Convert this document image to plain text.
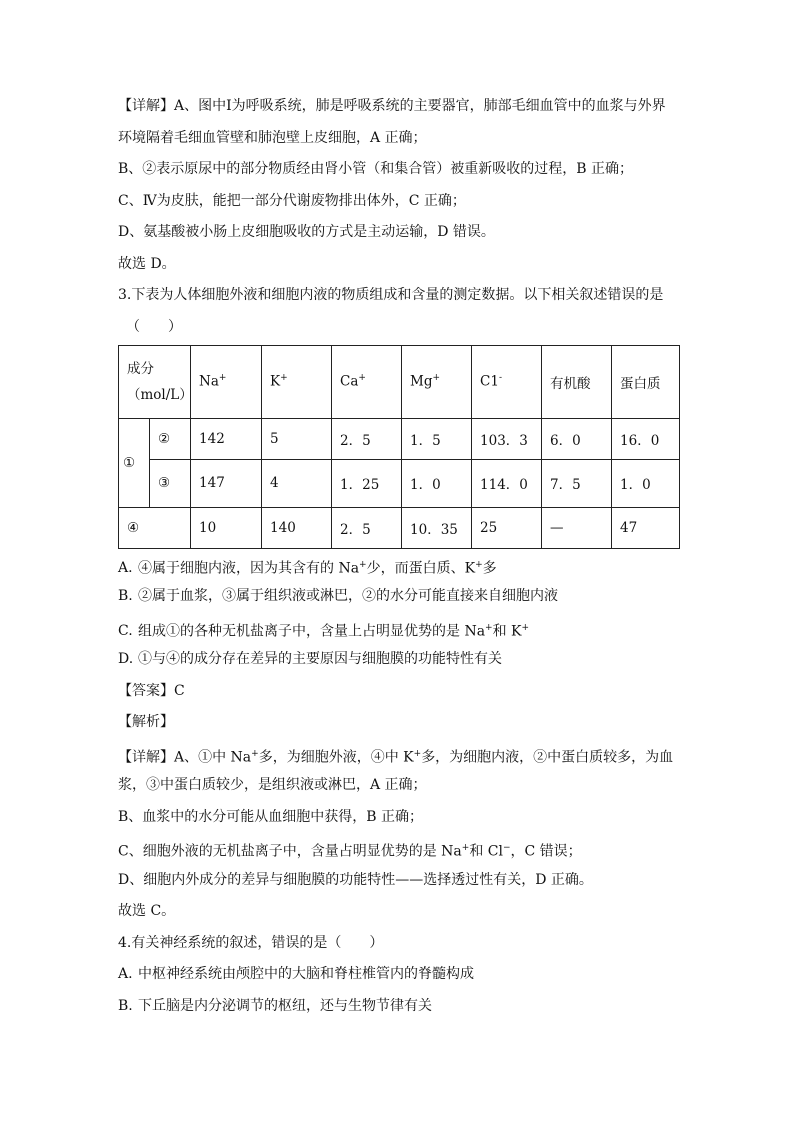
【详解】A、图中Ⅰ为呼吸系统，肺是呼吸系统的主要器官，肺部毛细血管中的血浆与外界
环境隔着毛细血管壁和肺泡壁上皮细胞，A 正确；
B、②表示原尿中的部分物质经由肾小管（和集合管）被重新吸收的过程，B 正确；
C、Ⅳ为皮肤，能把一部分代谢废物排出体外，C 正确；
D、氨基酸被小肠上皮细胞吸收的方式是主动运输，D 错误。
故选 D。
3.下表为人体细胞外液和细胞内液的物质组成和含量的测定数据。以下相关叙述错误的是
（　　）
成分
（mol/L）		Na+	K+	Ca+	Mg+	C1-	有机酸	蛋白质
①	②	142	5	2．5	1．5	103．3	6．0	16．0
	③	147	4	1．25	1．0	114．0	7．5	1．0
④		10	140	2．5	10．35	25	—	47
A. ④属于细胞内液，因为其含有的 Na+少，而蛋白质、K+多
B. ②属于血浆，③属于组织液或淋巴，②的水分可能直接来自细胞内液
C. 组成①的各种无机盐离子中，含量上占明显优势的是 Na+和 K+
D. ①与④的成分存在差异的主要原因与细胞膜的功能特性有关
【答案】C
【解析】
【详解】A、①中 Na+多，为细胞外液，④中 K+多，为细胞内液，②中蛋白质较多，为血
浆，③中蛋白质较少，是组织液或淋巴，A 正确；
B、血浆中的水分可能从血细胞中获得，B 正确；
C、细胞外液的无机盐离子中，含量占明显优势的是 Na+和 Cl−，C 错误；
D、细胞内外成分的差异与细胞膜的功能特性——选择透过性有关，D 正确。
故选 C。
4.有关神经系统的叙述，错误的是（　　）
A. 中枢神经系统由颅腔中的大脑和脊柱椎管内的脊髓构成
B. 下丘脑是内分泌调节的枢纽，还与生物节律有关
